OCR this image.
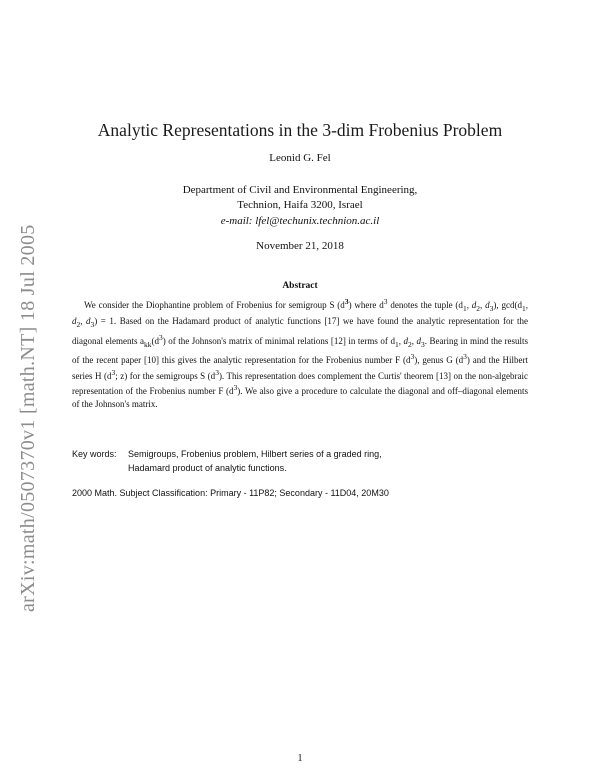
arXiv:math/0507370v1 [math.NT] 18 Jul 2005
Analytic Representations in the 3-dim Frobenius Problem
Leonid G. Fel
Department of Civil and Environmental Engineering,
Technion, Haifa 3200, Israel
e-mail: lfel@techunix.technion.ac.il
November 21, 2018
Abstract

We consider the Diophantine problem of Frobenius for semigroup S $(d^3)$ where $d^3$ denotes the tuple ($d_1$, $d_2$, $d_3$), $\gcd(d_1$, $d_2$, $d_3) = 1$. Based on the Hadamard product of analytic functions [17] we have found the analytic representation for the diagonal elements $a_{kk}(d^3)$ of the Johnson's matrix of minimal relations [12] in terms of $d_1$, $d_2$, $d_3$. Bearing in mind the results of the recent paper [10] this gives the analytic representation for the Frobenius number F $(d^3)$, genus G $(d^3)$ and the Hilbert series H ($d^3$; z) for the semigroups S $(d^3)$. This representation does complement the Curtis' theorem [13] on the non-algebraic representation of the Frobenius number F $(d^3)$. We also give a procedure to calculate the diagonal and off–diagonal elements of the Johnson's matrix.

Key words: Semigroups, Frobenius problem, Hilbert series of a graded ring,
Hadamard product of analytic functions.
2000 Math. Subject Classification: Primary - 11P82; Secondary - 11D04, 20M30
1
